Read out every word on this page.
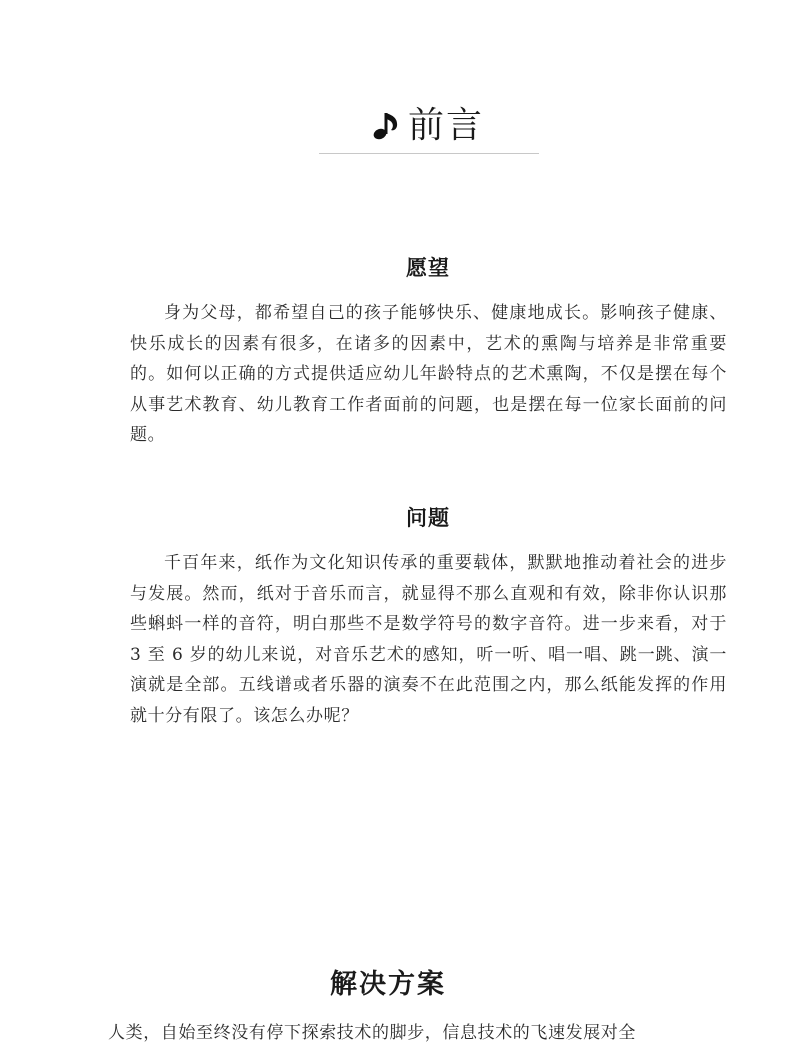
前言
愿望

身为父母，都希望自己的孩子能够快乐、健康地成长。影响孩子健康、快乐成长的因素有很多，在诸多的因素中，艺术的熏陶与培养是非常重要的。如何以正确的方式提供适应幼儿年龄特点的艺术熏陶，不仅是摆在每个从事艺术教育、幼儿教育工作者面前的问题，也是摆在每一位家长面前的问题。

问题

千百年来，纸作为文化知识传承的重要载体，默默地推动着社会的进步与发展。然而，纸对于音乐而言，就显得不那么直观和有效，除非你认识那些蝌蚪一样的音符，明白那些不是数学符号的数字音符。进一步来看，对于 3 至 6 岁的幼儿来说，对音乐艺术的感知，听一听、唱一唱、跳一跳、演一演就是全部。五线谱或者乐器的演奏不在此范围之内，那么纸能发挥的作用就十分有限了。该怎么办呢？

解决方案

人类，自始至终没有停下探索技术的脚步，信息技术的飞速发展对全
